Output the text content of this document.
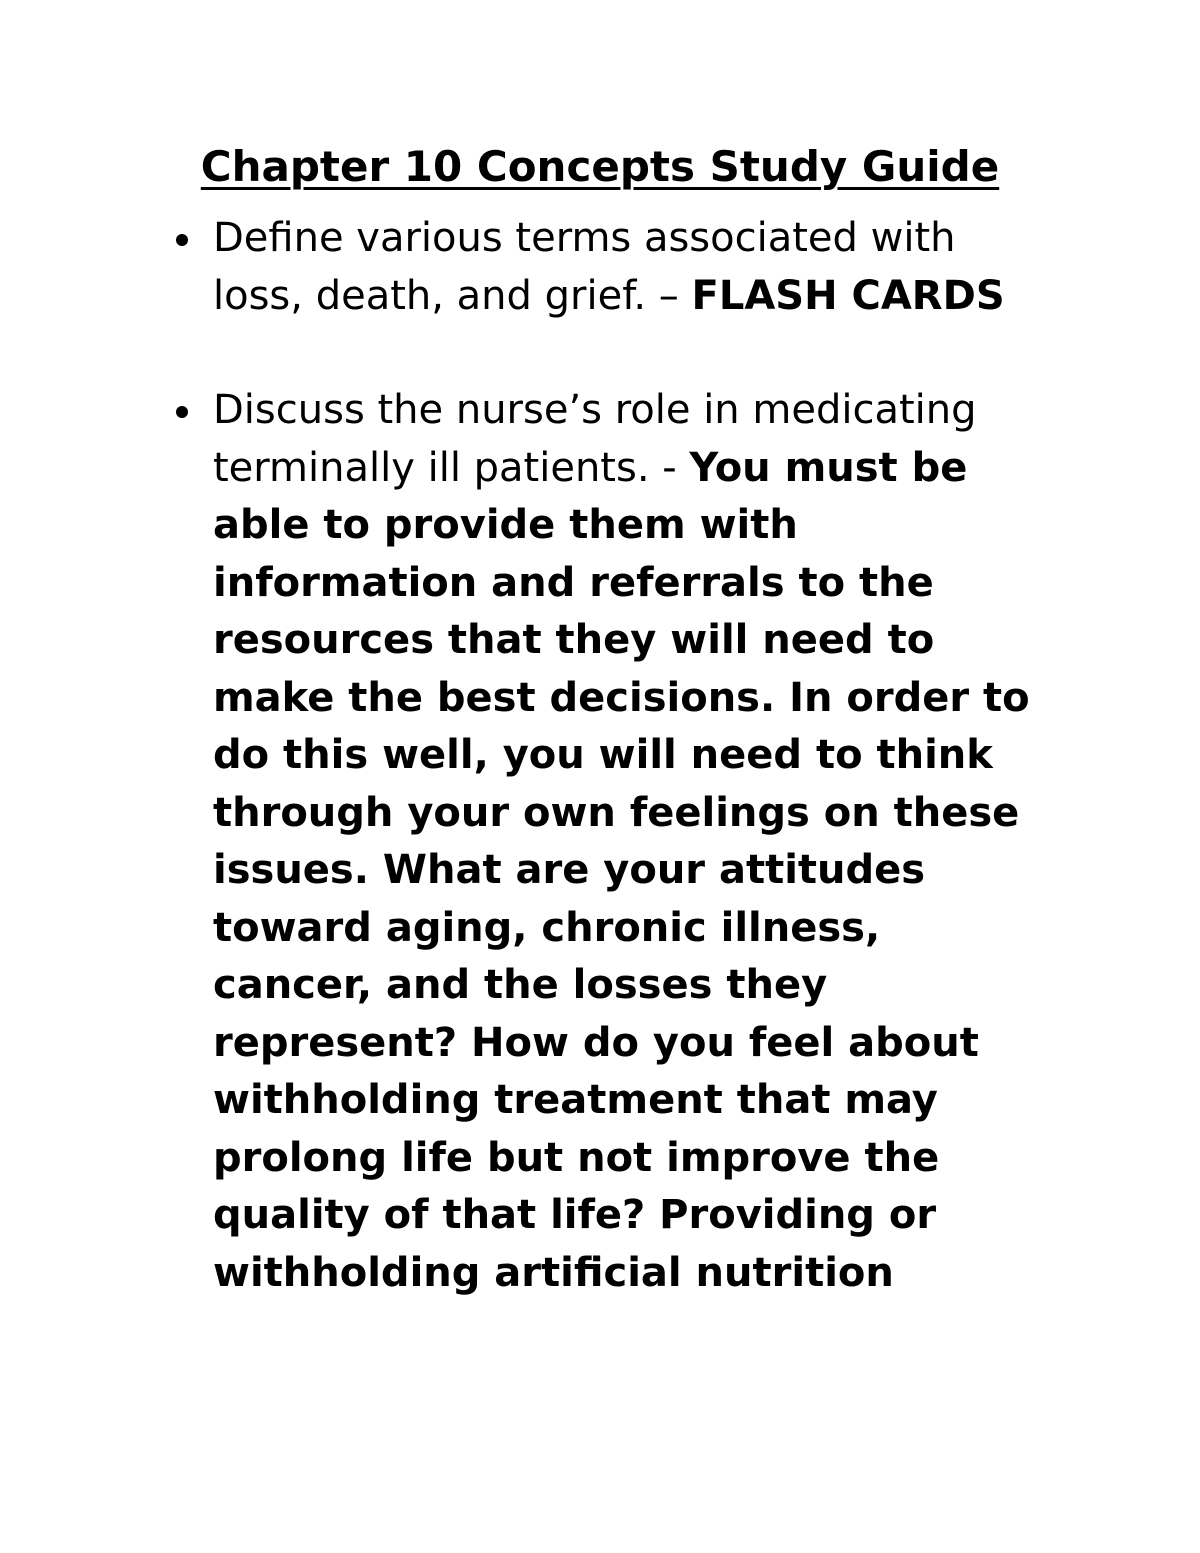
Chapter 10 Concepts Study Guide
Define various terms associated with loss, death, and grief. – FLASH CARDS
Discuss the nurse’s role in medicating terminally ill patients. - You must be able to provide them with information and referrals to the resources that they will need to make the best decisions. In order to do this well, you will need to think through your own feelings on these issues. What are your attitudes toward aging, chronic illness, cancer, and the losses they represent? How do you feel about withholding treatment that may prolong life but not improve the quality of that life? Providing or withholding artificial nutrition
